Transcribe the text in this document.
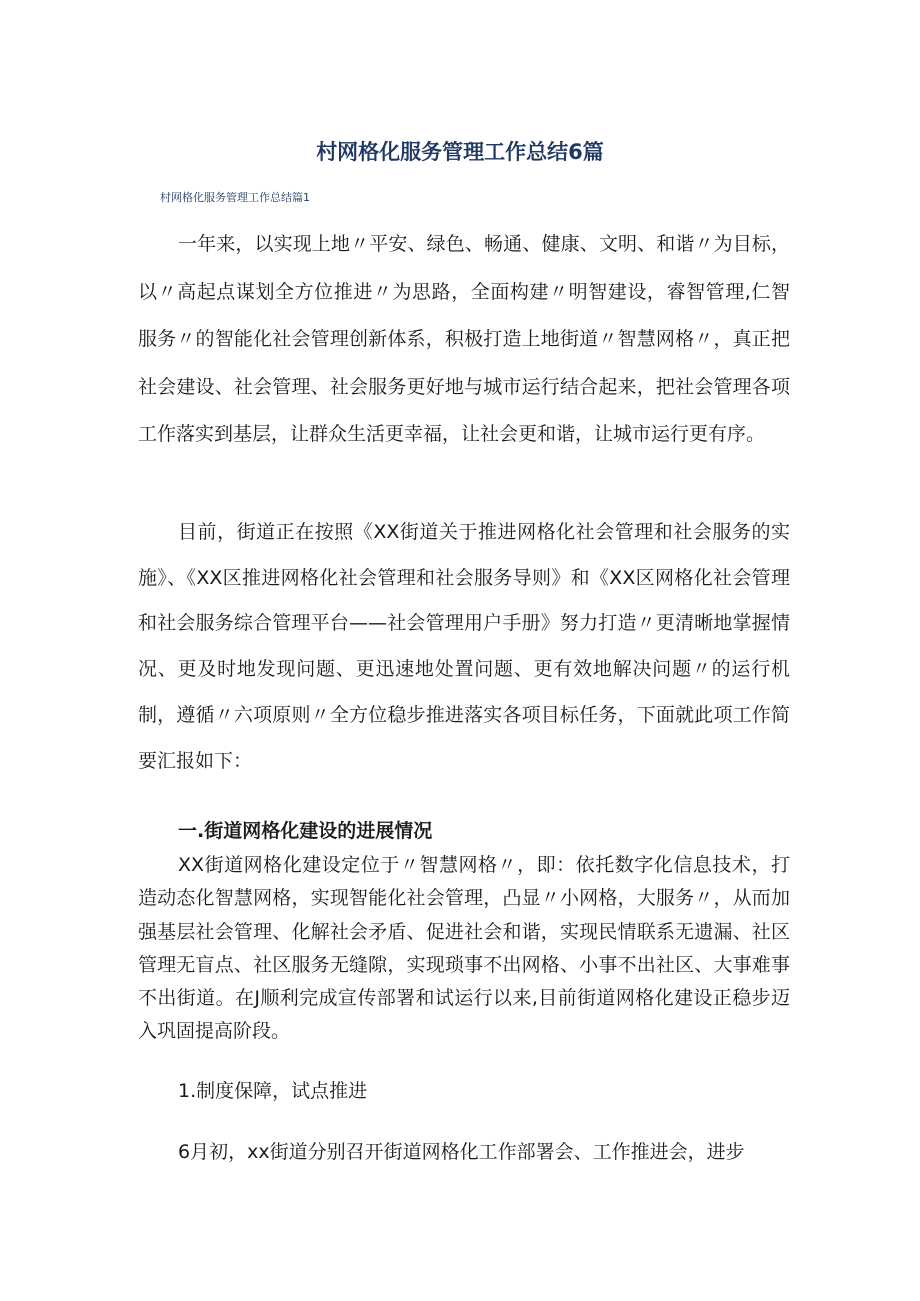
村网格化服务管理工作总结6篇
村网格化服务管理工作总结篇1

一年来，以实现上地〃平安、绿色、畅通、健康、文明、和谐〃为目标，以〃高起点谋划全方位推进〃为思路，全面构建〃明智建设，睿智管理,仁智服务〃的智能化社会管理创新体系，积极打造上地街道〃智慧网格〃，真正把社会建设、社会管理、社会服务更好地与城市运行结合起来，把社会管理各项工作落实到基层，让群众生活更幸福，让社会更和谐，让城市运行更有序。

目前，街道正在按照《XX街道关于推进网格化社会管理和社会服务的实施》、《XX区推进网格化社会管理和社会服务导则》和《XX区网格化社会管理和社会服务综合管理平台——社会管理用户手册》努力打造〃更清晰地掌握情况、更及时地发现问题、更迅速地处置问题、更有效地解决问题〃的运行机制，遵循〃六项原则〃全方位稳步推进落实各项目标任务，下面就此项工作简要汇报如下：

一.街道网格化建设的进展情况

XX街道网格化建设定位于〃智慧网格〃，即：依托数字化信息技术，打造动态化智慧网格，实现智能化社会管理，凸显〃小网格，大服务〃，从而加强基层社会管理、化解社会矛盾、促进社会和谐，实现民情联系无遗漏、社区管理无盲点、社区服务无缝隙，实现琐事不出网格、小事不出社区、大事难事不出街道。在J顺利完成宣传部署和试运行以来,目前街道网格化建设正稳步迈入巩固提高阶段。

1.制度保障，试点推进
6月初，xx街道分别召开街道网格化工作部署会、工作推进会，进步
